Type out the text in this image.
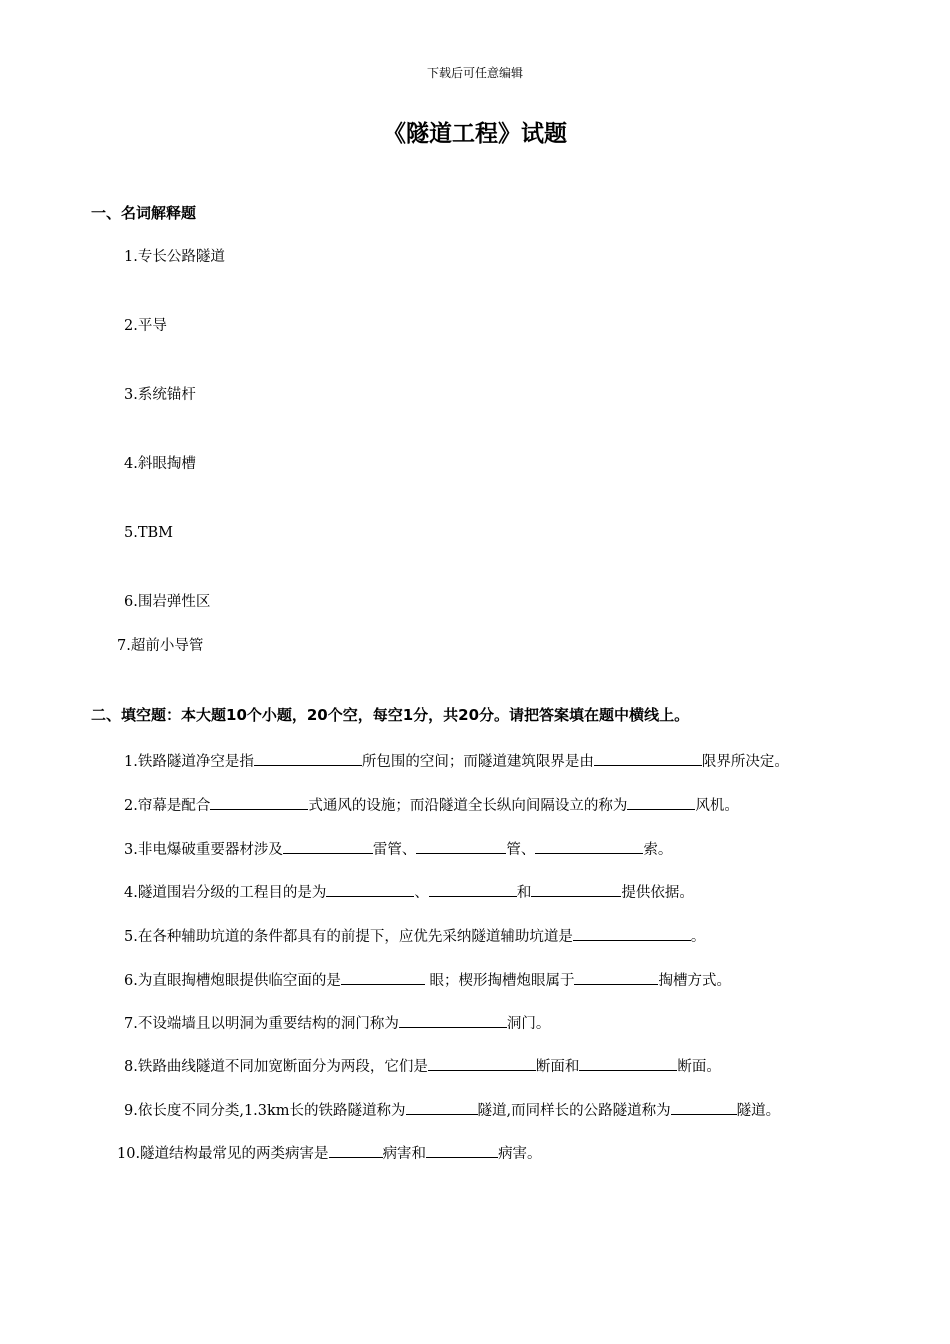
下载后可任意编辑
《隧道工程》试题
一、名词解释题
1.专长公路隧道
2.平导
3.系统锚杆
4.斜眼掏槽
5.TBM
6.围岩弹性区
7.超前小导管
二、填空题：本大题10个小题，20个空，每空1分，共20分。请把答案填在题中横线上。
1.铁路隧道净空是指	所包围的空间；而隧道建筑限界是由	限界所决定。
2.帘幕是配合	式通风的设施；而沿隧道全长纵向间隔设立的称为	风机。
3.非电爆破重要器材涉及	雷管、	管、	索。
4.隧道围岩分级的工程目的是为	、	和	提供依据。
5.在各种辅助坑道的条件都具有的前提下，应优先采纳隧道辅助坑道是	。
6.为直眼掏槽炮眼提供临空面的是	眼；楔形掏槽炮眼属于	掏槽方式。
7.不设端墙且以明洞为重要结构的洞门称为	洞门。
8.铁路曲线隧道不同加宽断面分为两段，它们是	断面和	断面。
9.依长度不同分类,1.3km长的铁路隧道称为	隧道,而同样长的公路隧道称为	隧道。
10.隧道结构最常见的两类病害是	病害和	病害。
